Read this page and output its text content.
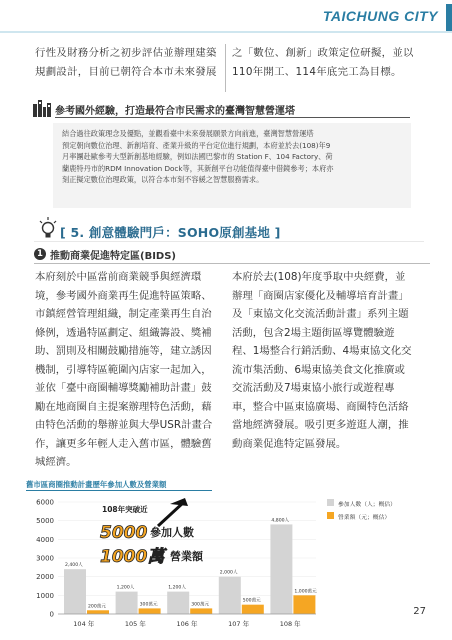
TAICHUNG CITY
行性及財務分析之初步評估並辦理建築
規劃設計，目前已朝符合本市未來發展
之「數位、創新」政策定位研擬，並以
110年開工、114年底完工為目標。
參考國外經驗，打造最符合市民需求的臺灣智慧營運塔
結合過往政策理念及優點，並觀看臺中未來發展願景方向前進，臺灣智慧營運塔
預定朝向數位治理、新創培育、產業升級的平台定位進行規劃，本府並於去(108)年9
月率團赴歐參考大型新創基地經驗，例如法國巴黎市的 Station F、104 Factory、荷
蘭鹿特丹市的RDM Innovation Dock等，其新創平台功能值得臺中借鏡參考；本府亦
刻正擬定數位治理政策，以符合本市刻不容緩之智慧服務需求。
[ 5. 創意體驗門戶：SOHO原創基地 ]
1 推動商業促進特定區(BIDS)
本府刻於中區當前商業競爭與經濟環
境，參考國外商業再生促進特區策略、
市鎮經營管理組織，制定產業再生自治
條例，透過特區劃定、組織籌設、獎補
助、罰則及相關鼓勵措施等，建立誘因
機制，引導特區範圍內店家一起加入，
並依「臺中商圈輔導獎勵補助計畫」鼓
勵在地商圈自主提案辦理特色活動，藉
由特色活動的舉辦並與大學USR計畫合
作，讓更多年輕人走入舊市區，體驗舊
城經濟。
本府於去(108)年度爭取中央經費，並
辦理「商圈店家優化及輔導培育計畫」
及「東協文化交流活動計畫」系列主題
活動，包含2場主題街區導覽體驗遊
程、1場整合行銷活動、4場東協文化交
流市集活動、6場東協美食文化推廣或
交流活動及7場東協小旅行或遊程專
車，整合中區東協廣場、商圈特色活絡
當地經濟發展。吸引更多遊逛人潮，推
動商業促進特定區發展。
舊市區商圈推動計畫歷年參加人數及營業額
0
1000
2000
3000
4000
5000
6000
2,400人
200萬元
104 年
1,200人
300萬元
105 年
1,200人
300萬元
106 年
2,000人
500萬元
107 年
4,800人
1,000萬元
108 年
108年突破近
5000 參加人數
1000萬 營業額
參加人數（人；概估）
營業額（元；概估）
27
